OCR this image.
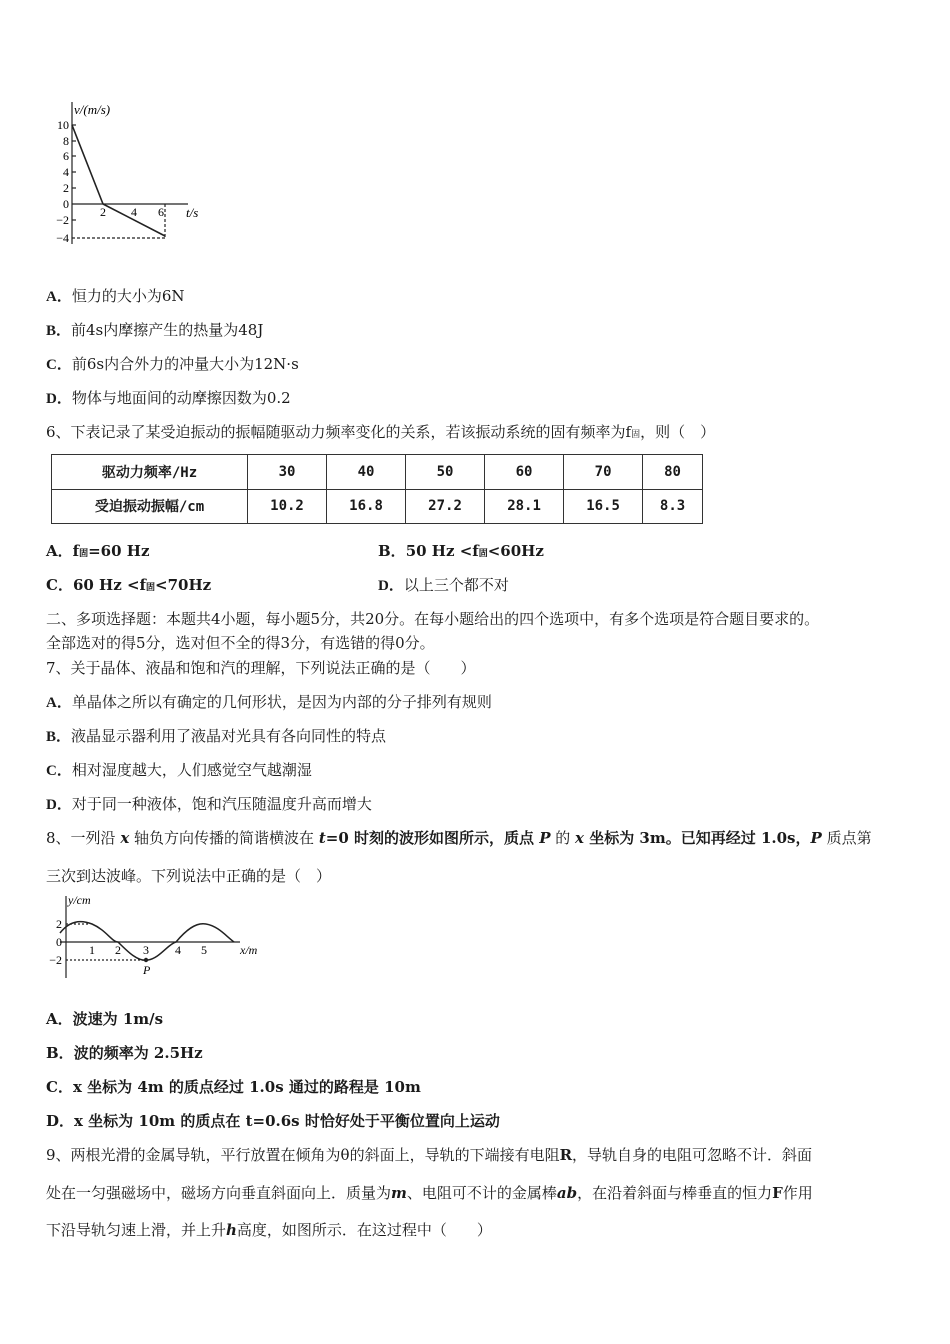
v/(m/s)
t/s
10
8
6
4
2
0
−2
−4
2 4 6
A．恒力的大小为6N
B．前4s内摩擦产生的热量为48J
C．前6s内合外力的冲量大小为12N·s
D．物体与地面间的动摩擦因数为0.2
6、下表记录了某受迫振动的振幅随驱动力频率变化的关系，若该振动系统的固有频率为f固，则（　）
驱动力频率/Hz	30	40	50	60	70	80
受迫振动振幅/cm	10.2	16.8	27.2	28.1	16.5	8.3
A．f固=60 Hz	B．50 Hz <f固<60Hz
C．60 Hz <f固<70Hz	D．以上三个都不对
二、多项选择题：本题共4小题，每小题5分，共20分。在每小题给出的四个选项中，有多个选项是符合题目要求的。
全部选对的得5分，选对但不全的得3分，有选错的得0分。
7、关于晶体、液晶和饱和汽的理解，下列说法正确的是（　　）
A．单晶体之所以有确定的几何形状，是因为内部的分子排列有规则
B．液晶显示器利用了液晶对光具有各向同性的特点
C．相对湿度越大，人们感觉空气越潮湿
D．对于同一种液体，饱和汽压随温度升高而增大
8、一列沿 x 轴负方向传播的简谐横波在 t=0 时刻的波形如图所示，质点 P 的 x 坐标为 3m。已知再经过 1.0s，P 质点第
三次到达波峰。下列说法中正确的是（　）
y/cm
x/m
2
0
−2
1 2 3 4 5
P
A．波速为 1m/s
B．波的频率为 2.5Hz
C．x 坐标为 4m 的质点经过 1.0s 通过的路程是 10m
D．x 坐标为 10m 的质点在 t=0.6s 时恰好处于平衡位置向上运动
9、两根光滑的金属导轨，平行放置在倾角为θ的斜面上，导轨的下端接有电阻R，导轨自身的电阻可忽略不计．斜面
处在一匀强磁场中，磁场方向垂直斜面向上．质量为m、电阻可不计的金属棒ab，在沿着斜面与棒垂直的恒力F作用
下沿导轨匀速上滑，并上升h高度，如图所示．在这过程中（　　）
